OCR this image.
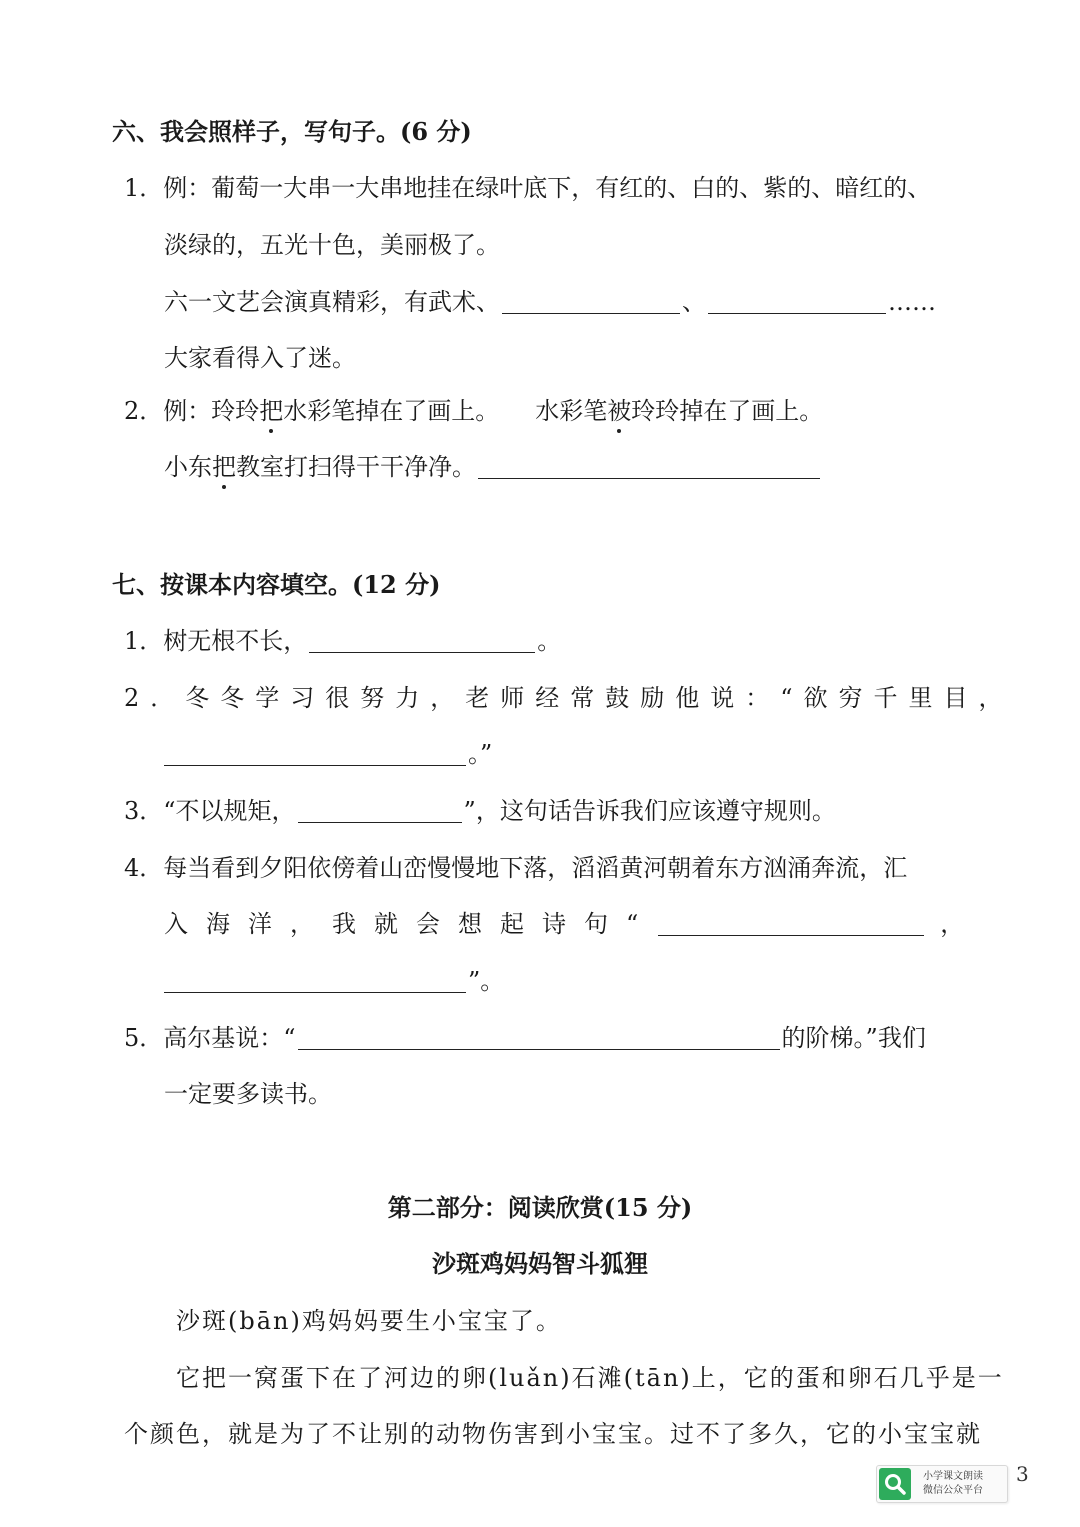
六、我会照样子，写句子。(6 分)
1．例：葡萄一大串一大串地挂在绿叶底下，有红的、白的、紫的、暗红的、
淡绿的，五光十色，美丽极了。
六一文艺会演真精彩，有武术、	、	……
大家看得入了迷。
2．例：玲玲把水彩笔掉在了画上。 水彩笔被玲玲掉在了画上。
小东把教室打扫得干干净净。
七、按课本内容填空。(12 分)
1．树无根不长，	。
2．冬冬学习很努力，老师经常鼓励他说：“欲穷千里目，
。”
3．“不以规矩，	”，这句话告诉我们应该遵守规则。
4．每当看到夕阳依傍着山峦慢慢地下落，滔滔黄河朝着东方汹涌奔流，汇
入海洋，我就会想起诗句“	，
”。
5．高尔基说：“	的阶梯。”我们
一定要多读书。
第二部分：阅读欣赏(15 分)
沙斑鸡妈妈智斗狐狸
沙斑(bān)鸡妈妈要生小宝宝了。
它把一窝蛋下在了河边的卵(luǎn)石滩(tān)上，它的蛋和卵石几乎是一
个颜色，就是为了不让别的动物伤害到小宝宝。过不了多久，它的小宝宝就
小学课文朗读
微信公众平台
3
